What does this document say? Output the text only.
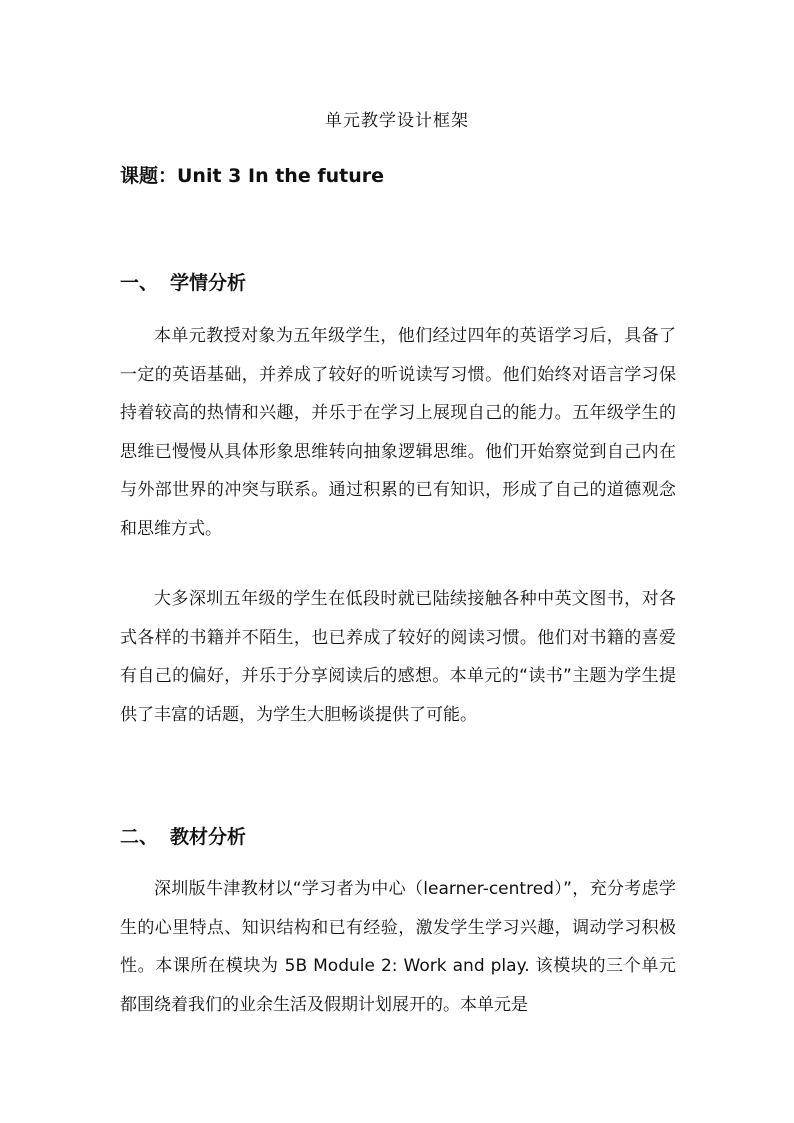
单元教学设计框架
课题：Unit 3 In the future
一、 学情分析

本单元教授对象为五年级学生，他们经过四年的英语学习后，具备了一定的英语基础，并养成了较好的听说读写习惯。他们始终对语言学习保持着较高的热情和兴趣，并乐于在学习上展现自己的能力。五年级学生的思维已慢慢从具体形象思维转向抽象逻辑思维。他们开始察觉到自己内在与外部世界的冲突与联系。通过积累的已有知识，形成了自己的道德观念和思维方式。

大多深圳五年级的学生在低段时就已陆续接触各种中英文图书，对各式各样的书籍并不陌生，也已养成了较好的阅读习惯。他们对书籍的喜爱有自己的偏好，并乐于分享阅读后的感想。本单元的“读书”主题为学生提供了丰富的话题，为学生大胆畅谈提供了可能。

二、 教材分析

深圳版牛津教材以“学习者为中心（learner-centred）”，充分考虑学生的心里特点、知识结构和已有经验，激发学生学习兴趣，调动学习积极性。本课所在模块为 5B Module 2: Work and play. 该模块的三个单元都围绕着我们的业余生活及假期计划展开的。本单元是
